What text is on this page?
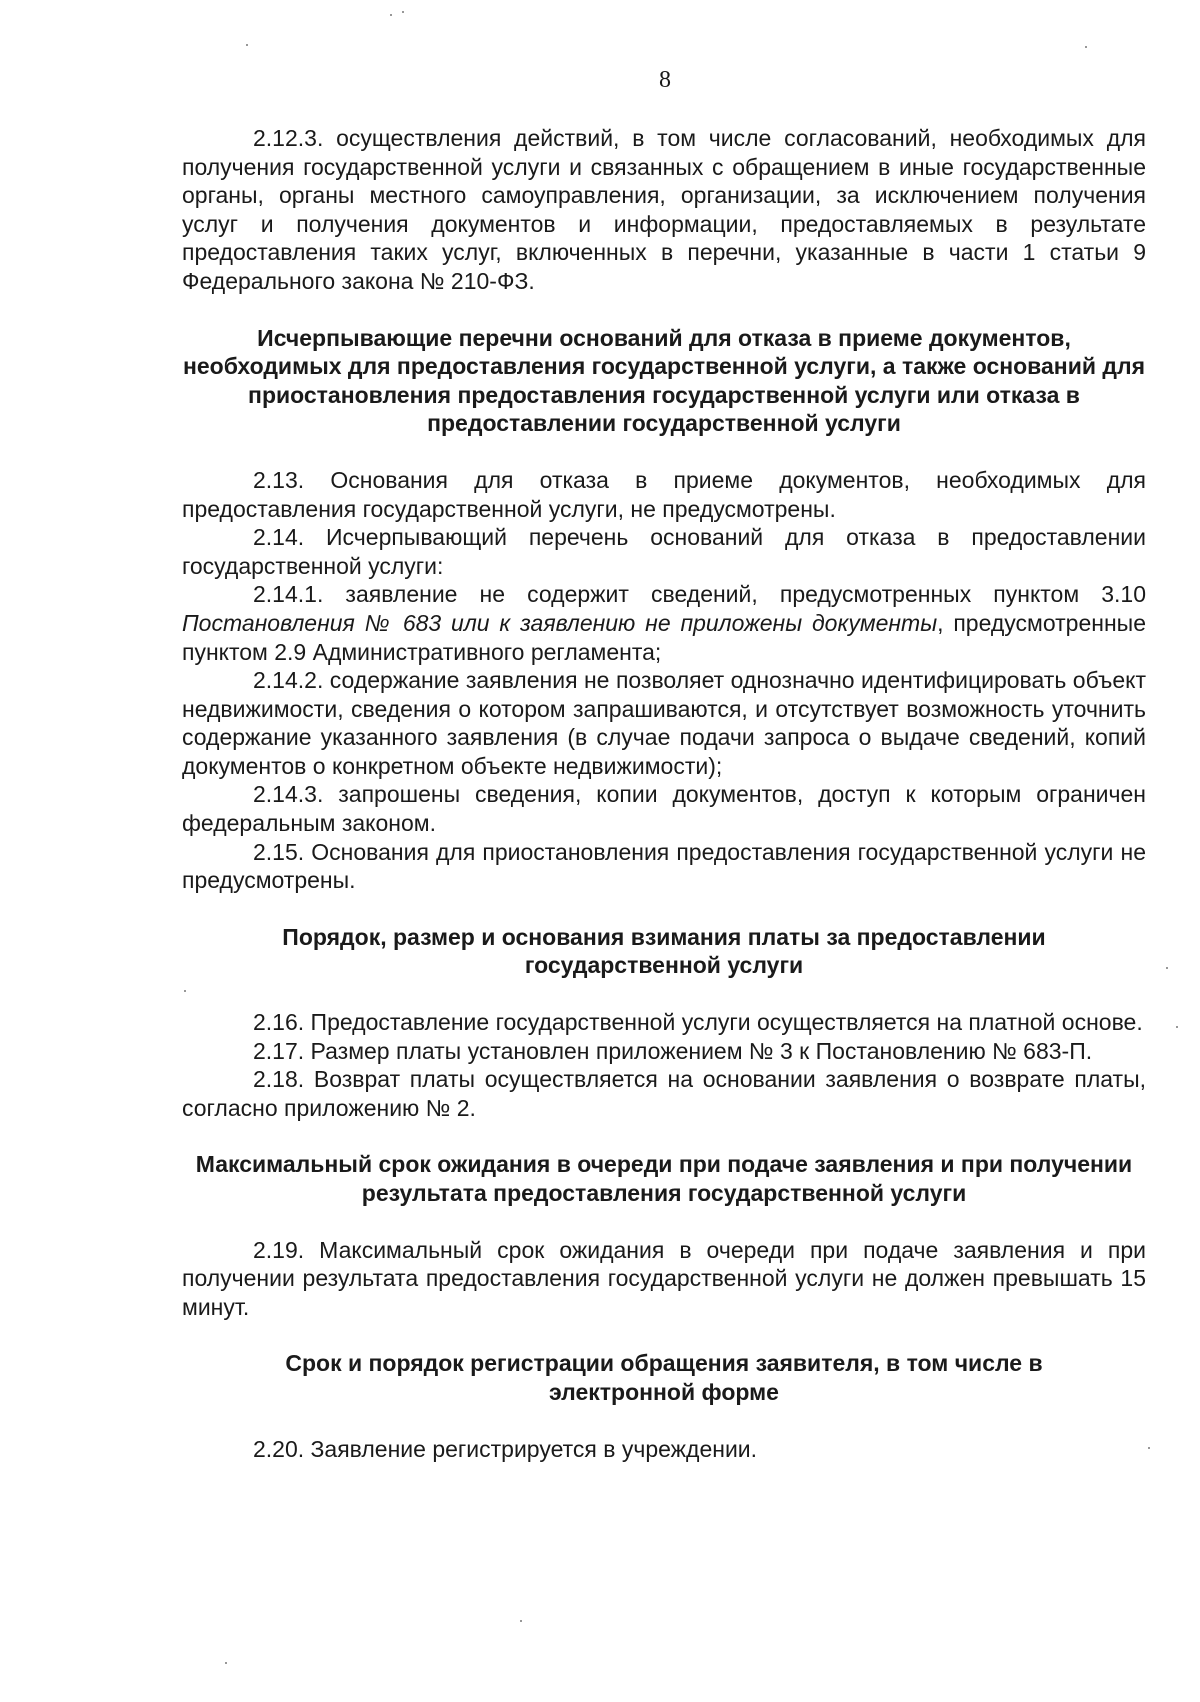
8

2.12.3. осуществления действий, в том числе согласований, необходимых для получения государственной услуги и связанных с обращением в иные государственные органы, органы местного самоуправления, организации, за исключением получения услуг и получения документов и информации, предоставляемых в результате предоставления таких услуг, включенных в перечни, указанные в части 1 статьи 9 Федерального закона № 210-ФЗ.

Исчерпывающие перечни оснований для отказа в приеме документов, необходимых для предоставления государственной услуги, а также оснований для приостановления предоставления государственной услуги или отказа в предоставлении государственной услуги

2.13. Основания для отказа в приеме документов, необходимых для предоставления государственной услуги, не предусмотрены.

2.14. Исчерпывающий перечень оснований для отказа в предоставлении государственной услуги:

2.14.1. заявление не содержит сведений, предусмотренных пунктом 3.10 Постановления № 683 или к заявлению не приложены документы, предусмотренные пунктом 2.9 Административного регламента;

2.14.2. содержание заявления не позволяет однозначно идентифицировать объект недвижимости, сведения о котором запрашиваются, и отсутствует возможность уточнить содержание указанного заявления (в случае подачи запроса о выдаче сведений, копий документов о конкретном объекте недвижимости);

2.14.3. запрошены сведения, копии документов, доступ к которым ограничен федеральным законом.

2.15. Основания для приостановления предоставления государственной услуги не предусмотрены.

Порядок, размер и основания взимания платы за предоставлении государственной услуги

2.16. Предоставление государственной услуги осуществляется на платной основе.

2.17. Размер платы установлен приложением № 3 к Постановлению № 683-П.

2.18. Возврат платы осуществляется на основании заявления о возврате платы, согласно приложению № 2.

Максимальный срок ожидания в очереди при подаче заявления и при получении результата предоставления государственной услуги

2.19. Максимальный срок ожидания в очереди при подаче заявления и при получении результата предоставления государственной услуги не должен превышать 15 минут.

Срок и порядок регистрации обращения заявителя, в том числе в электронной форме

2.20. Заявление регистрируется в учреждении.
